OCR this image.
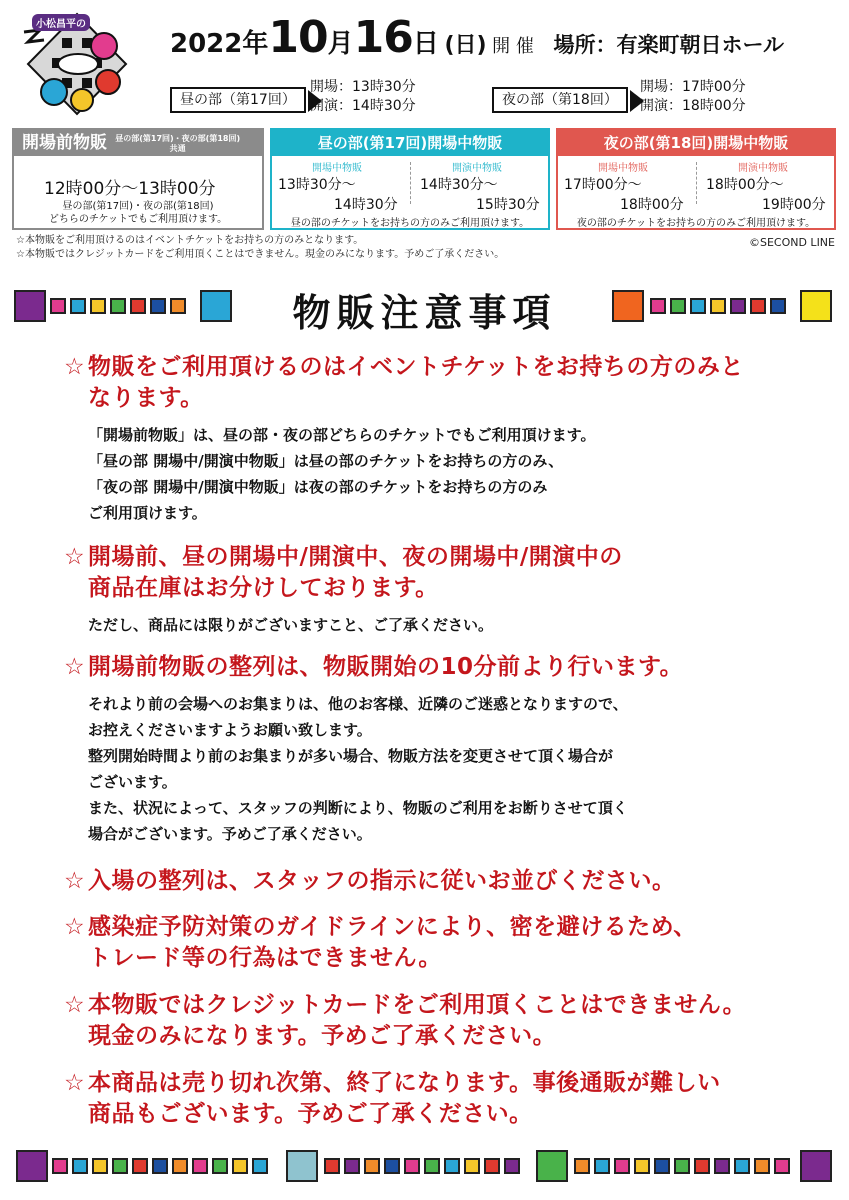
小松昌平の
2022年10月16日 (日) 開 催 場所：有楽町朝日ホール
昼の部（第17回）
開場：13時30分
開演：14時30分	夜の部（第18回）
開場：17時00分
開演：18時00分
開場前物販 昼の部(第17回)・夜の部(第18回)
共通
12時00分～13時00分
昼の部(第17回)・夜の部(第18回)
どちらのチケットでもご利用頂けます。
昼の部(第17回)開場中物販
開場中物販
13時30分～
14時30分
開演中物販
14時30分～
15時30分
昼の部のチケットをお持ちの方のみご利用頂けます。
夜の部(第18回)開場中物販
開場中物販
17時00分～
18時00分
開演中物販
18時00分～
19時00分
夜の部のチケットをお持ちの方のみご利用頂けます。
☆本物販をご利用頂けるのはイベントチケットをお持ちの方のみとなります。
☆本物販ではクレジットカードをご利用頂くことはできません。現金のみになります。予めご了承ください。
©SECOND LINE
物販注意事項
☆ 物販をご利用頂けるのはイベントチケットをお持ちの方のみと
なります。
「開場前物販」は、昼の部・夜の部どちらのチケットでもご利用頂けます。
「昼の部 開場中/開演中物販」は昼の部のチケットをお持ちの方のみ、
「夜の部 開場中/開演中物販」は夜の部のチケットをお持ちの方のみ
ご利用頂けます。
☆ 開場前、昼の開場中/開演中、夜の開場中/開演中の
商品在庫はお分けしております。
ただし、商品には限りがございますこと、ご了承ください。
☆ 開場前物販の整列は、物販開始の10分前より行います。
それより前の会場へのお集まりは、他のお客様、近隣のご迷惑となりますので、
お控えくださいますようお願い致します。
整列開始時間より前のお集まりが多い場合、物販方法を変更させて頂く場合が
ございます。
また、状況によって、スタッフの判断により、物販のご利用をお断りさせて頂く
場合がございます。予めご了承ください。
☆ 入場の整列は、スタッフの指示に従いお並びください。
☆ 感染症予防対策のガイドラインにより、密を避けるため、
トレード等の行為はできません。
☆ 本物販ではクレジットカードをご利用頂くことはできません。
現金のみになります。予めご了承ください。
☆ 本商品は売り切れ次第、終了になります。事後通販が難しい
商品もございます。予めご了承ください。
